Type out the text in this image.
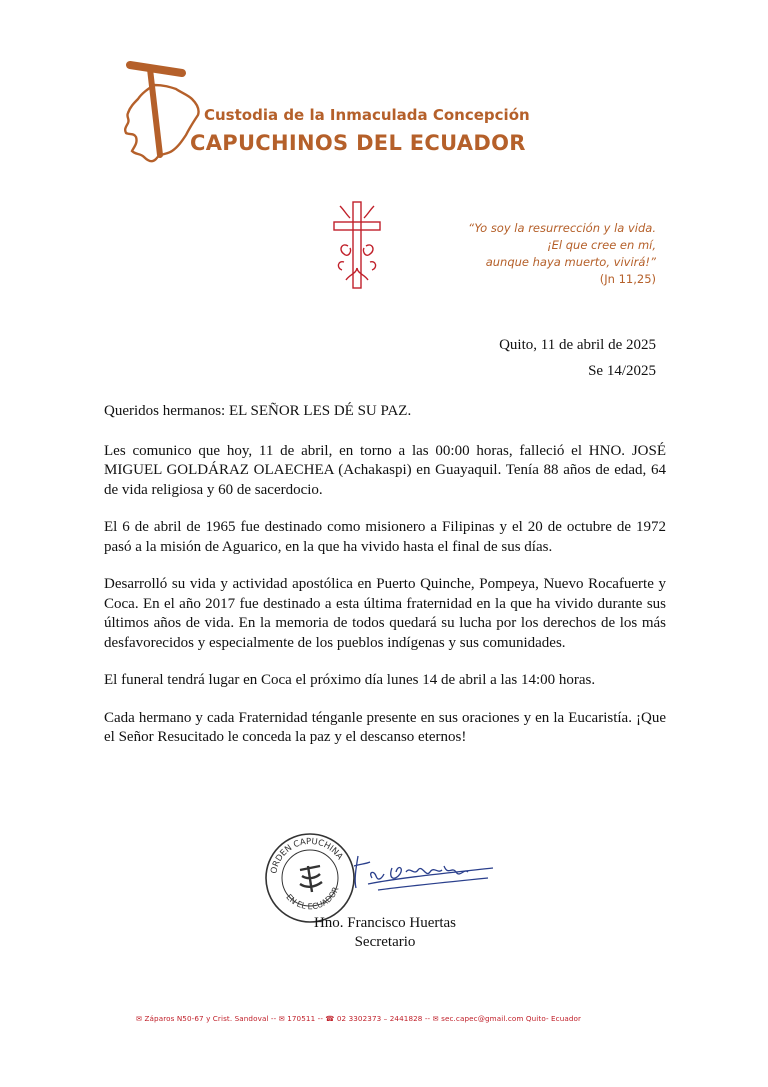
Custodia de la Inmaculada Concepción
CAPUCHINOS DEL ECUADOR
“Yo soy la resurrección y la vida.
¡El que cree en mí,
aunque haya muerto, vivirá!”
(Jn 11,25)
Quito, 11 de abril de 2025
Se 14/2025

Queridos hermanos: EL SEÑOR LES DÉ SU PAZ.

Les comunico que hoy, 11 de abril, en torno a las 00:00 horas, falleció el HNO. JOSÉ MIGUEL GOLDÁRAZ OLAECHEA (Achakaspi) en Guayaquil. Tenía 88 años de edad, 64 de vida religiosa y 60 de sacerdocio.

El 6 de abril de 1965 fue destinado como misionero a Filipinas y el 20 de octubre de 1972 pasó a la misión de Aguarico, en la que ha vivido hasta el final de sus días.

Desarrolló su vida y actividad apostólica en Puerto Quinche, Pompeya, Nuevo Rocafuerte y Coca. En el año 2017 fue destinado a esta última fraternidad en la que ha vivido durante sus últimos años de vida. En la memoria de todos quedará su lucha por los derechos de los más desfavorecidos y especialmente de los pueblos indígenas y sus comunidades.

El funeral tendrá lugar en Coca el próximo día lunes 14 de abril a las 14:00 horas.

Cada hermano y cada Fraternidad ténganle presente en sus oraciones y en la Eucaristía. ¡Que el Señor Resucitado le conceda la paz y el descanso eternos!

ORDEN CAPUCHINA
EN EL ECUADOR
Hno. Francisco Huertas
Secretario
✉ Záparos N50-67 y Crist. Sandoval -- ✉ 170511 -- ☎ 02 3302373 – 2441828 -- ✉ sec.capec@gmail.com Quito- Ecuador
